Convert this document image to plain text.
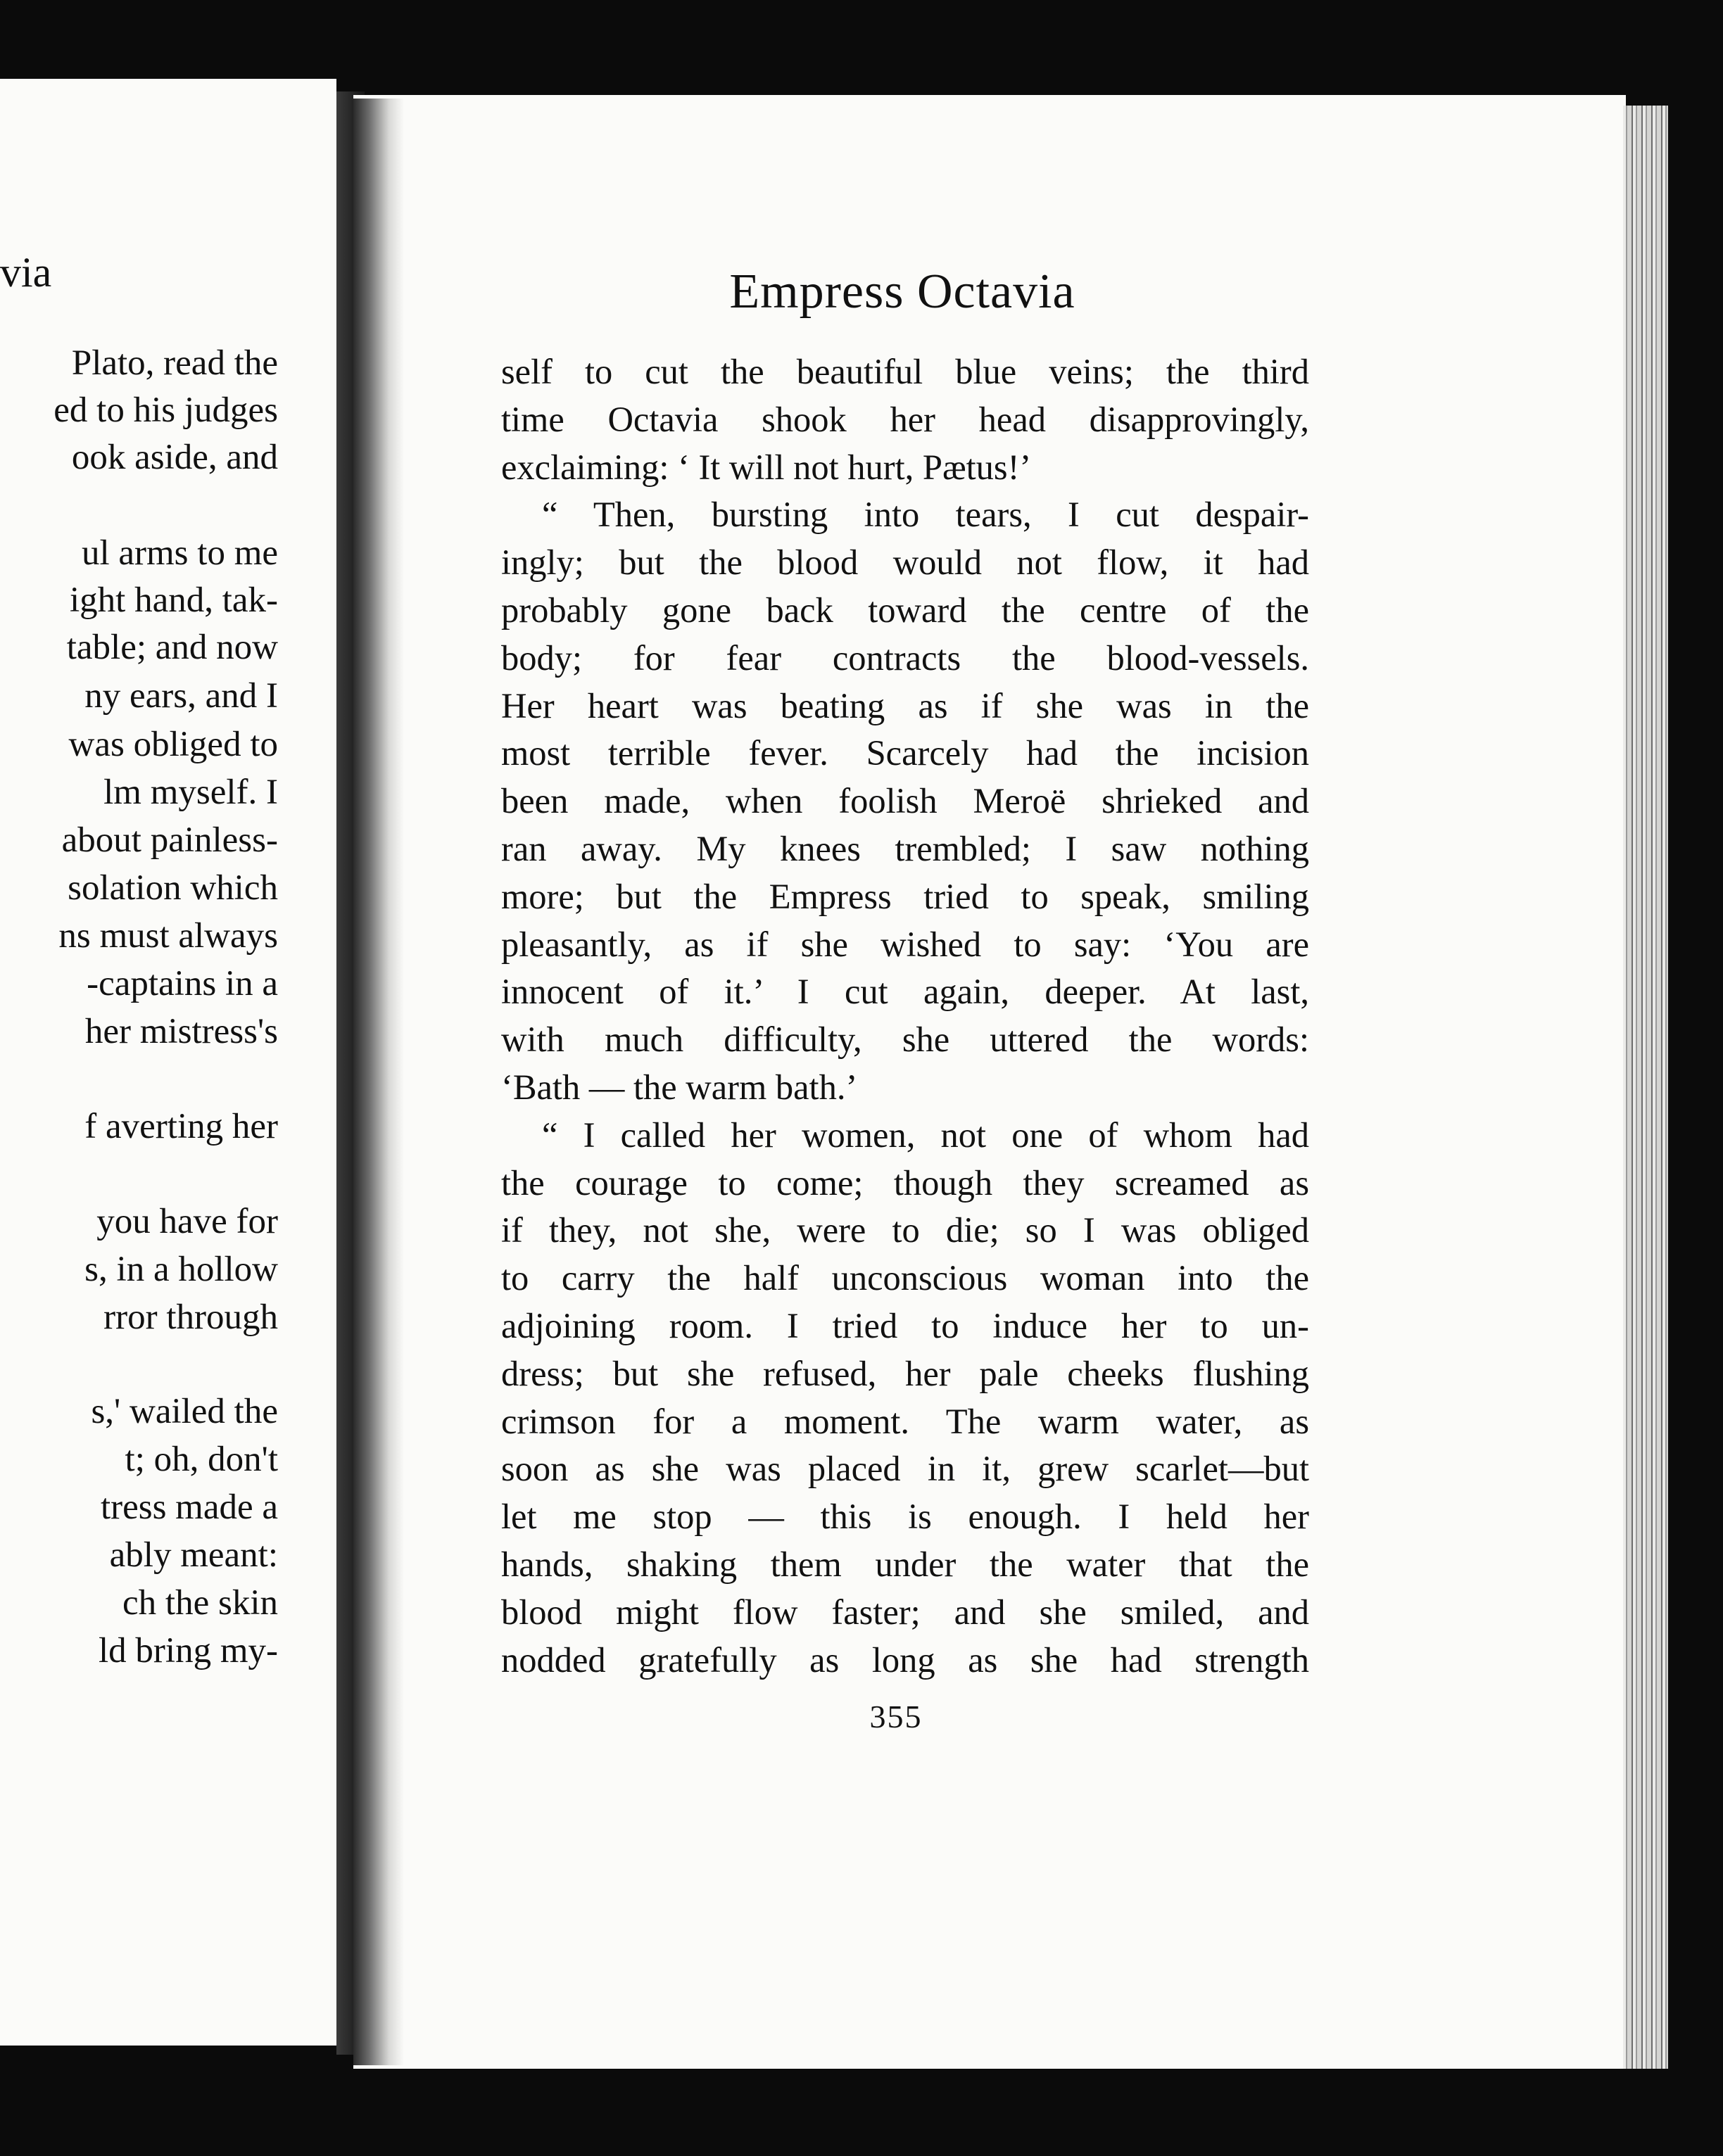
via
Plato, read the
ed to his judges
ook aside, and
ul arms to me
ight hand, tak-
table; and now
ny ears, and I
was obliged to
lm myself. I
about painless-
solation which
ns must always
-captains in a
her mistress's
f averting her
you have for
s, in a hollow
rror through
s,' wailed the
t; oh, don't
tress made a
ably meant:
ch the skin
ld bring my-
Empress Octavia
self to cut the beautiful blue veins; the third
time Octavia shook her head disapprovingly,
exclaiming: ‘ It will not hurt, Pætus!’
“ Then, bursting into tears, I cut despair-
ingly; but the blood would not flow, it had
probably gone back toward the centre of the
body; for fear contracts the blood-vessels.
Her heart was beating as if she was in the
most terrible fever. Scarcely had the incision
been made, when foolish Meroë shrieked and
ran away. My knees trembled; I saw nothing
more; but the Empress tried to speak, smiling
pleasantly, as if she wished to say: ‘You are
innocent of it.’ I cut again, deeper. At last,
with much difficulty, she uttered the words:
‘Bath — the warm bath.’
“ I called her women, not one of whom had
the courage to come; though they screamed as
if they, not she, were to die; so I was obliged
to carry the half unconscious woman into the
adjoining room. I tried to induce her to un-
dress; but she refused, her pale cheeks flushing
crimson for a moment. The warm water, as
soon as she was placed in it, grew scarlet—but
let me stop — this is enough. I held her
hands, shaking them under the water that the
blood might flow faster; and she smiled, and
nodded gratefully as long as she had strength
355
